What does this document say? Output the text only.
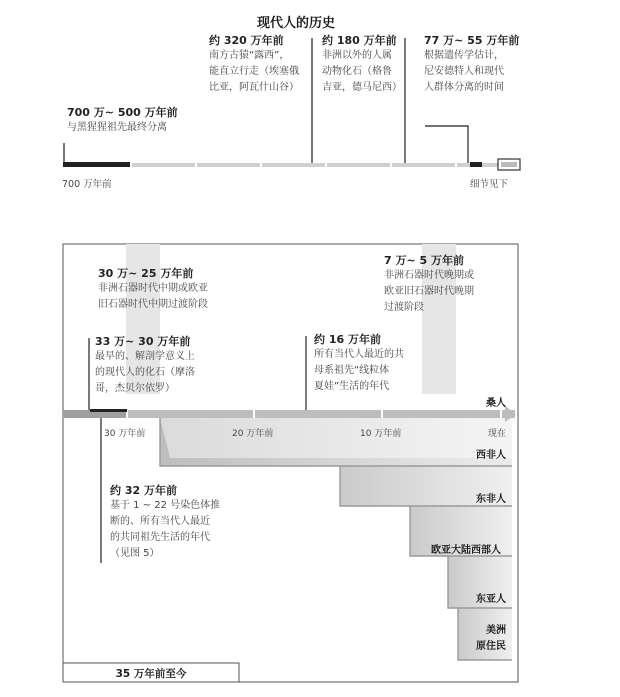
现代人的历史
700 万~ 500 万年前
与黑猩猩祖先最终分离
约 320 万年前
南方古猿“露西”，
能直立行走（埃塞俄
比亚，阿瓦什山谷）
约 180 万年前
非洲以外的人属
动物化石（格鲁
吉亚，德马尼西）
77 万~ 55 万年前
根据遗传学估计，
尼安德特人和现代
人群体分离的时间
700 万年前	细节见下
30 万~ 25 万年前
非洲石器时代中期或欧亚
旧石器时代中期过渡阶段
7 万~ 5 万年前
非洲石器时代晚期或
欧亚旧石器时代晚期
过渡阶段
33 万~ 30 万年前
最早的、解剖学意义上
的现代人的化石（摩洛
哥，杰贝尔依罗）
约 16 万年前
所有当代人最近的共
母系祖先“线粒体
夏娃”生活的年代
约 32 万年前
基于 1 ~ 22 号染色体推
断的、所有当代人最近
的共同祖先生活的年代
（见图 5）
30 万年前	20 万年前	10 万年前	现在
桑人
西非人
东非人
欧亚大陆西部人
东亚人
美洲
原住民
35 万年前至今
